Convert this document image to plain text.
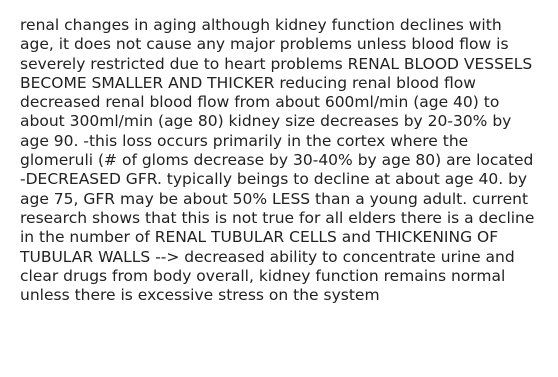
renal changes in aging although kidney function declines with age, it does not cause any major problems unless blood flow is severely restricted due to heart problems RENAL BLOOD VESSELS BECOME SMALLER AND THICKER reducing renal blood flow decreased renal blood flow from about 600ml/min (age 40) to about 300ml/min (age 80) kidney size decreases by 20-30% by age 90. -this loss occurs primarily in the cortex where the glomeruli (# of gloms decrease by 30-40% by age 80) are located -DECREASED GFR. typically beings to decline at about age 40. by age 75, GFR may be about 50% LESS than a young adult. current research shows that this is not true for all elders there is a decline in the number of RENAL TUBULAR CELLS and THICKENING OF TUBULAR WALLS --> decreased ability to concentrate urine and clear drugs from body overall, kidney function remains normal unless there is excessive stress on the system
